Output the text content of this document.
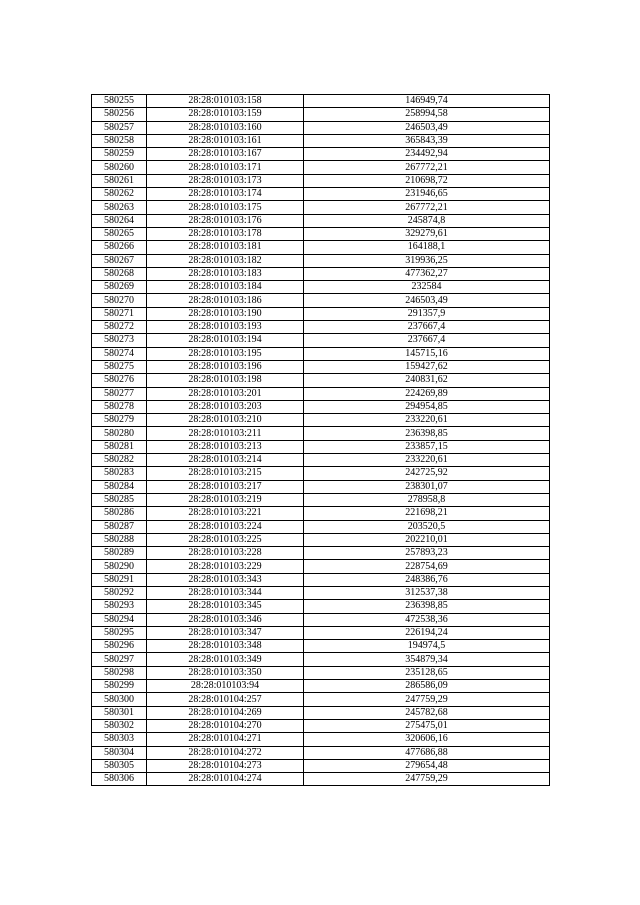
580255	28:28:010103:158	146949,74
580256	28:28:010103:159	258994,58
580257	28:28:010103:160	246503,49
580258	28:28:010103:161	365843,39
580259	28:28:010103:167	234492,94
580260	28:28:010103:171	267772,21
580261	28:28:010103:173	210698,72
580262	28:28:010103:174	231946,65
580263	28:28:010103:175	267772,21
580264	28:28:010103:176	245874,8
580265	28:28:010103:178	329279,61
580266	28:28:010103:181	164188,1
580267	28:28:010103:182	319936,25
580268	28:28:010103:183	477362,27
580269	28:28:010103:184	232584
580270	28:28:010103:186	246503,49
580271	28:28:010103:190	291357,9
580272	28:28:010103:193	237667,4
580273	28:28:010103:194	237667,4
580274	28:28:010103:195	145715,16
580275	28:28:010103:196	159427,62
580276	28:28:010103:198	240831,62
580277	28:28:010103:201	224269,89
580278	28:28:010103:203	294954,85
580279	28:28:010103:210	233220,61
580280	28:28:010103:211	236398,85
580281	28:28:010103:213	233857,15
580282	28:28:010103:214	233220,61
580283	28:28:010103:215	242725,92
580284	28:28:010103:217	238301,07
580285	28:28:010103:219	278958,8
580286	28:28:010103:221	221698,21
580287	28:28:010103:224	203520,5
580288	28:28:010103:225	202210,01
580289	28:28:010103:228	257893,23
580290	28:28:010103:229	228754,69
580291	28:28:010103:343	248386,76
580292	28:28:010103:344	312537,38
580293	28:28:010103:345	236398,85
580294	28:28:010103:346	472538,36
580295	28:28:010103:347	226194,24
580296	28:28:010103:348	194974,5
580297	28:28:010103:349	354879,34
580298	28:28:010103:350	235128,65
580299	28:28:010103:94	286586,09
580300	28:28:010104:257	247759,29
580301	28:28:010104:269	245782,68
580302	28:28:010104:270	275475,01
580303	28:28:010104:271	320606,16
580304	28:28:010104:272	477686,88
580305	28:28:010104:273	279654,48
580306	28:28:010104:274	247759,29
